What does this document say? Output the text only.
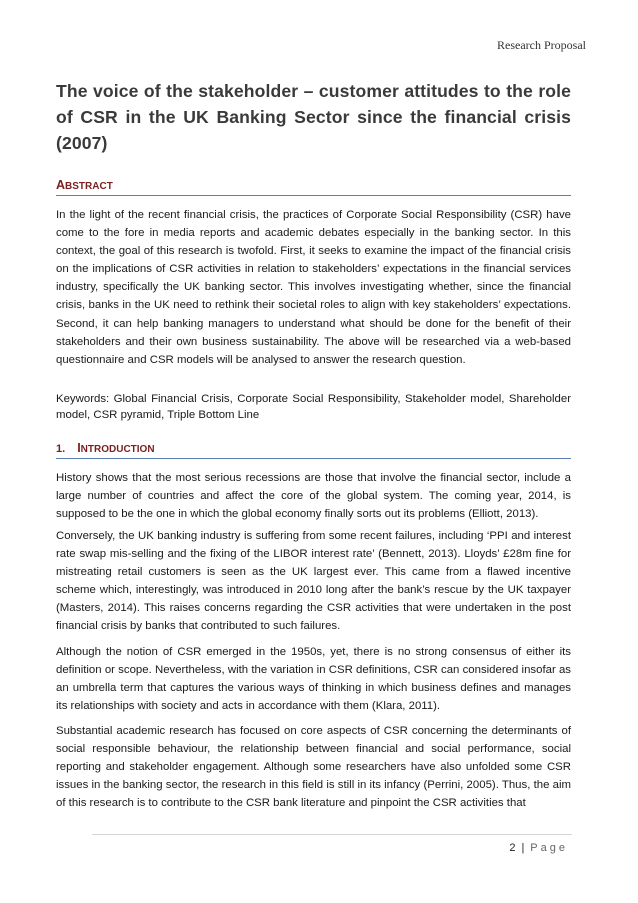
Research Proposal
The voice of the stakeholder – customer attitudes to the role of CSR in the UK Banking Sector since the financial crisis (2007)
ABSTRACT
In the light of the recent financial crisis, the practices of Corporate Social Responsibility (CSR) have come to the fore in media reports and academic debates especially in the banking sector. In this context, the goal of this research is twofold. First, it seeks to examine the impact of the financial crisis on the implications of CSR activities in relation to stakeholders’ expectations in the financial services industry, specifically the UK banking sector. This involves investigating whether, since the financial crisis, banks in the UK need to rethink their societal roles to align with key stakeholders’ expectations. Second, it can help banking managers to understand what should be done for the benefit of their stakeholders and their own business sustainability. The above will be researched via a web-based questionnaire and CSR models will be analysed to answer the research question.
Keywords: Global Financial Crisis, Corporate Social Responsibility, Stakeholder model, Shareholder model, CSR pyramid, Triple Bottom Line
1. INTRODUCTION
History shows that the most serious recessions are those that involve the financial sector, include a large number of countries and affect the core of the global system. The coming year, 2014, is supposed to be the one in which the global economy finally sorts out its problems (Elliott, 2013).
Conversely, the UK banking industry is suffering from some recent failures, including ‘PPI and interest rate swap mis-selling and the fixing of the LIBOR interest rate’ (Bennett, 2013). Lloyds’ £28m fine for mistreating retail customers is seen as the UK largest ever. This came from a flawed incentive scheme which, interestingly, was introduced in 2010 long after the bank’s rescue by the UK taxpayer (Masters, 2014). This raises concerns regarding the CSR activities that were undertaken in the post financial crisis by banks that contributed to such failures.
Although the notion of CSR emerged in the 1950s, yet, there is no strong consensus of either its definition or scope. Nevertheless, with the variation in CSR definitions, CSR can considered insofar as an umbrella term that captures the various ways of thinking in which business defines and manages its relationships with society and acts in accordance with them (Klara, 2011).
Substantial academic research has focused on core aspects of CSR concerning the determinants of social responsible behaviour, the relationship between financial and social performance, social reporting and stakeholder engagement. Although some researchers have also unfolded some CSR issues in the banking sector, the research in this field is still in its infancy (Perrini, 2005). Thus, the aim of this research is to contribute to the CSR bank literature and pinpoint the CSR activities that
2 | Page
